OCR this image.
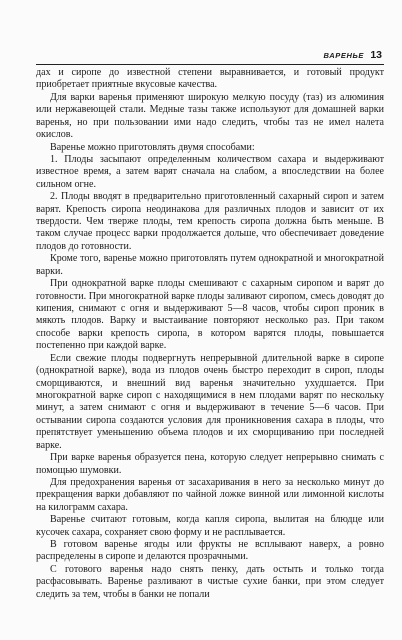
ВАРЕНЬЕ 13

дах и сиропе до известной степени выравнивается, и готовый продукт приобретает приятные вкусовые качества.

Для варки варенья применяют широкую мелкую посуду (таз) из алюминия или нержавеющей стали. Медные тазы также используют для домашней варки варенья, но при пользовании ими надо следить, чтобы таз не имел налета окислов.

Варенье можно приготовлять двумя способами:

1. Плоды засыпают определенным количеством сахара и выдерживают известное время, а затем варят сначала на слабом, а впоследствии на более сильном огне.

2. Плоды вводят в предварительно приготовленный сахарный сироп и затем варят. Крепость сиропа неодинакова для различных плодов и зависит от их твердости. Чем тверже плоды, тем крепость сиропа должна быть меньше. В таком случае процесс варки продолжается дольше, что обеспечивает доведение плодов до готовности.

Кроме того, варенье можно приготовлять путем однократной и многократной варки.

При однократной варке плоды смешивают с сахарным сиропом и варят до готовности. При многократной варке плоды заливают сиропом, смесь доводят до кипения, снимают с огня и выдерживают 5—8 часов, чтобы сироп проник в мякоть плодов. Варку и выстаивание повторяют несколько раз. При таком способе варки крепость сиропа, в котором варятся плоды, повышается постепенно при каждой варке.

Если свежие плоды подвергнуть непрерывной длительной варке в сиропе (однократной варке), вода из плодов очень быстро переходит в сироп, плоды сморщиваются, и внешний вид варенья значительно ухудшается. При многократной варке сироп с находящимися в нем плодами варят по нескольку минут, а затем снимают с огня и выдерживают в течение 5—6 часов. При остывании сиропа создаются условия для проникновения сахара в плоды, что препятствует уменьшению объема плодов и их сморщиванию при последней варке.

При варке варенья образуется пена, которую следует непрерывно снимать с помощью шумовки.

Для предохранения варенья от засахаривания в него за несколько минут до прекращения варки добавляют по чайной ложке винной или лимонной кислоты на килограмм сахара.

Варенье считают готовым, когда капля сиропа, вылитая на блюдце или кусочек сахара, сохраняет свою форму и не расплывается.

В готовом варенье ягоды или фрукты не всплывают наверх, а ровно распределены в сиропе и делаются прозрачными.

С готового варенья надо снять пенку, дать остыть и только тогда расфасовывать. Варенье разливают в чистые сухие банки, при этом следует следить за тем, чтобы в банки не попали
